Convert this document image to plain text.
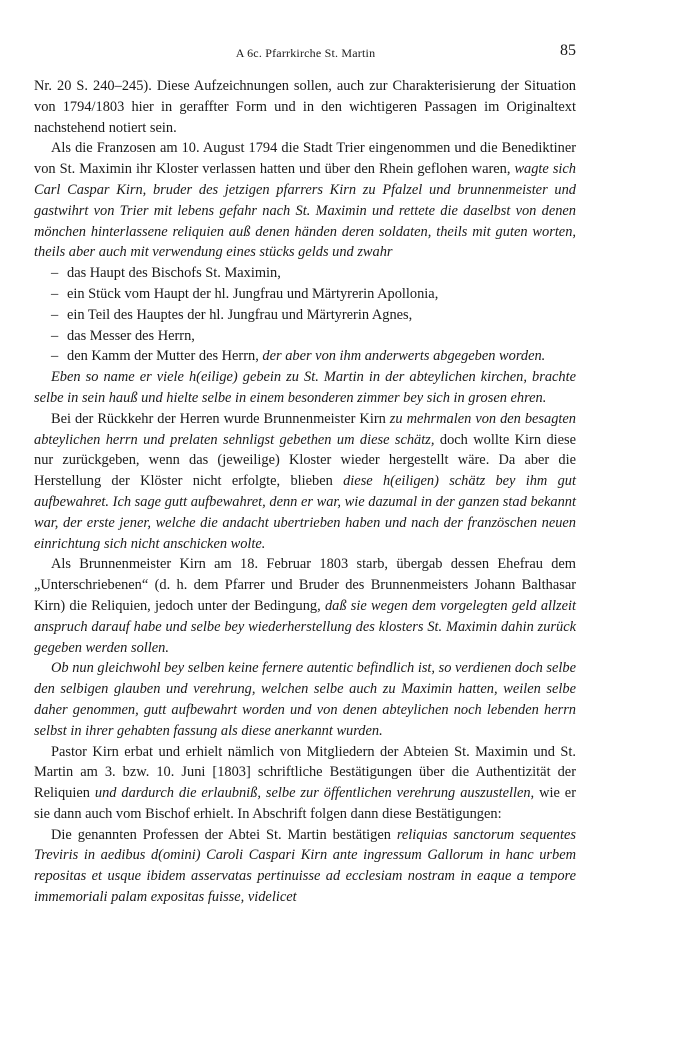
A 6c. Pfarrkirche St. Martin	85

Nr. 20 S. 240–245). Diese Aufzeichnungen sollen, auch zur Charakterisierung der Situation von 1794/1803 hier in geraffter Form und in den wichtigeren Passagen im Originaltext nachstehend notiert sein.

Als die Franzosen am 10. August 1794 die Stadt Trier eingenommen und die Benediktiner von St. Maximin ihr Kloster verlassen hatten und über den Rhein geflohen waren, wagte sich Carl Caspar Kirn, bruder des jetzigen pfarrers Kirn zu Pfalzel und brunnenmeister und gastwihrt von Trier mit lebens gefahr nach St. Maximin und rettete die daselbst von denen mönchen hinterlassene reliquien auß denen händen deren soldaten, theils mit guten worten, theils aber auch mit verwendung eines stücks gelds und zwahr

– das Haupt des Bischofs St. Maximin,
– ein Stück vom Haupt der hl. Jungfrau und Märtyrerin Apollonia,
– ein Teil des Hauptes der hl. Jungfrau und Märtyrerin Agnes,
– das Messer des Herrn,
– den Kamm der Mutter des Herrn, der aber von ihm anderwerts abgegeben worden.

Eben so name er viele h(eilige) gebein zu St. Martin in der abteylichen kirchen, brachte selbe in sein hauß und hielte selbe in einem besonderen zimmer bey sich in grosen ehren.

Bei der Rückkehr der Herren wurde Brunnenmeister Kirn zu mehrmalen von den besagten abteylichen herrn und prelaten sehnligst gebethen um diese schätz, doch wollte Kirn diese nur zurückgeben, wenn das (jeweilige) Kloster wieder hergestellt wäre. Da aber die Herstellung der Klöster nicht erfolgte, blieben diese h(eiligen) schätz bey ihm gut aufbewahret. Ich sage gutt aufbewahret, denn er war, wie dazumal in der ganzen stad bekannt war, der erste jener, welche die andacht ubertrieben haben und nach der französchen neuen einrichtung sich nicht anschicken wolte.

Als Brunnenmeister Kirn am 18. Februar 1803 starb, übergab dessen Ehefrau dem „Unterschriebenen“ (d. h. dem Pfarrer und Bruder des Brunnenmeisters Johann Balthasar Kirn) die Reliquien, jedoch unter der Bedingung, daß sie wegen dem vorgelegten geld allzeit anspruch darauf habe und selbe bey wiederherstellung des klosters St. Maximin dahin zurück gegeben werden sollen.

Ob nun gleichwohl bey selben keine fernere autentic befindlich ist, so verdienen doch selbe den selbigen glauben und verehrung, welchen selbe auch zu Maximin hatten, weilen selbe daher genommen, gutt aufbewahrt worden und von denen abteylichen noch lebenden herrn selbst in ihrer gehabten fassung als diese anerkannt wurden.

Pastor Kirn erbat und erhielt nämlich von Mitgliedern der Abteien St. Maximin und St. Martin am 3. bzw. 10. Juni [1803] schriftliche Bestätigungen über die Authentizität der Reliquien und dardurch die erlaubniß, selbe zur öffentlichen verehrung auszustellen, wie er sie dann auch vom Bischof erhielt. In Abschrift folgen dann diese Bestätigungen:

Die genannten Professen der Abtei St. Martin bestätigen reliquias sanctorum sequentes Treviris in aedibus d(omini) Caroli Caspari Kirn ante ingressum Gallorum in hanc urbem repositas et usque ibidem asservatas pertinuisse ad ecclesiam nostram in eaque a tempore immemoriali palam expositas fuisse, videlicet
